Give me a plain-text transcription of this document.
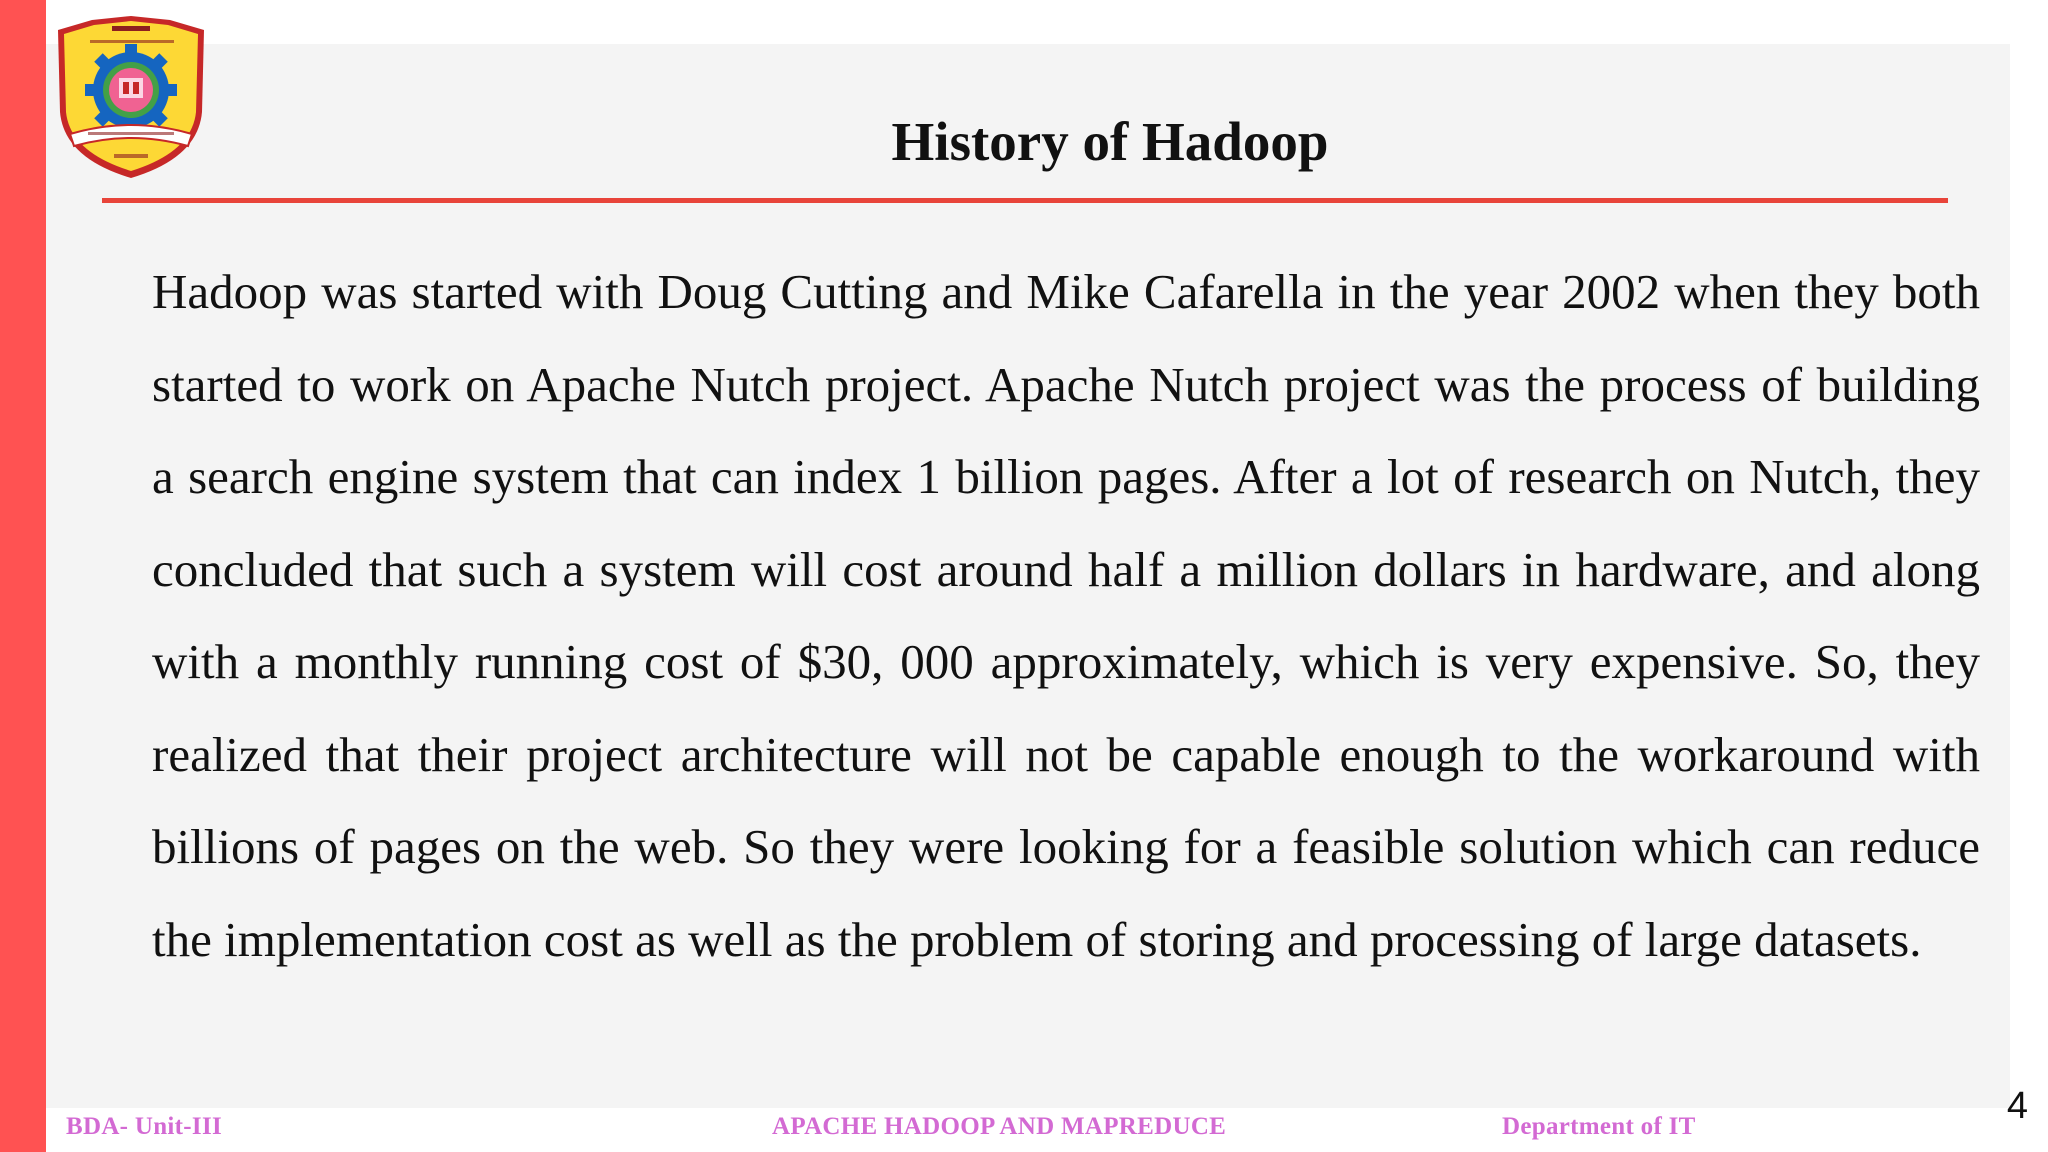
History of Hadoop

Hadoop was started with Doug Cutting and Mike Cafarella in the year 2002 when they both started to work on Apache Nutch project. Apache Nutch project was the process of building a search engine system that can index 1 billion pages. After a lot of research on Nutch, they concluded that such a system will cost around half a million dollars in hardware, and along with a monthly running cost of $30, 000 approximately, which is very expensive. So, they realized that their project architecture will not be capable enough to the workaround with billions of pages on the web. So they were looking for a feasible solution which can reduce the implementation cost as well as the problem of storing and processing of large datasets.

BDA- Unit-III	APACHE HADOOP AND MAPREDUCE	Department of IT	4
